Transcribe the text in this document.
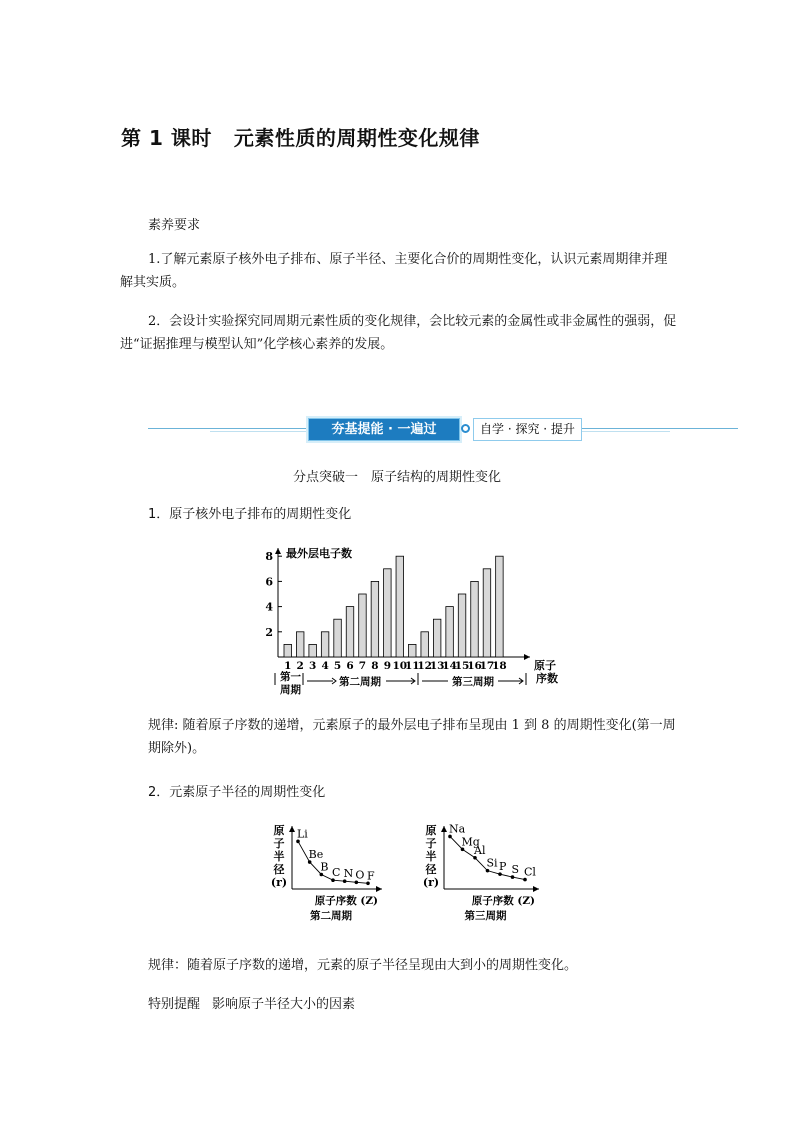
第 1 课时 元素性质的周期性变化规律
素养要求
1.了解元素原子核外电子排布、原子半径、主要化合价的周期性变化，认识元素周期律并理解其实质。
2．会设计实验探究同周期元素性质的变化规律，会比较元素的金属性或非金属性的强弱，促进“证据推理与模型认知”化学核心素养的发展。
夯基提能 · 一遍过	自学 · 探究 · 提升
分点突破一　原子结构的周期性变化
1．原子核外电子排布的周期性变化
最外层电子数
2
4
6
8
1 2 3 4 5 6 7 8 9 10
11
12
13
14
15
16
17
18 原子
序数
第一
周期
第二周期	第三周期
规律: 随着原子序数的递增，元素原子的最外层电子排布呈现由 1 到 8 的周期性变化(第一周期除外)。
2．元素原子半径的周期性变化
原
子
半
径
(r)
Li
Be
B C N O F
原子序数 (Z)
第二周期
原
子
半
径
(r)
Na
Mg
Al
Si P S Cl
原子序数 (Z)
第三周期
规律：随着原子序数的递增，元素的原子半径呈现由大到小的周期性变化。
特别提醒 影响原子半径大小的因素
